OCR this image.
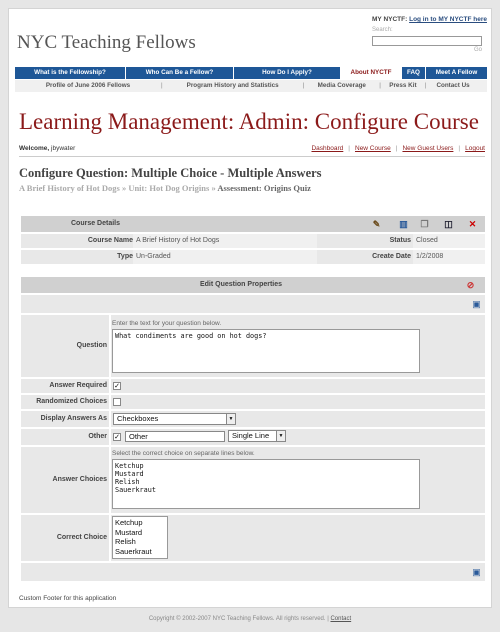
NYC Teaching Fellows
MY NYCTF: Log in to MY NYCTF here
Search:
Go
What is the Fellowship?	Who Can Be a Fellow?	How Do I Apply?	About NYCTF	FAQ	Meet A Fellow
Profile of June 2006 Fellows	|	Program History and Statistics	|	Media Coverage	|	Press Kit	|	Contact Us
Learning Management: Admin: Configure Course
Welcome, jbywater	Dashboard | New Course | New Guest Users | Logout
Configure Question: Multiple Choice - Multiple Answers
A Brief History of Hot Dogs » Unit: Hot Dog Origins » Assessment: Origins Quiz
Course Details	✎ ▥ ❐ ◫ ✕
Course Name A Brief History of Hot Dogs	Status Closed
Type Un-Graded	Create Date 1/2/2008
Edit Question Properties	⊘
▣
Question
Enter the text for your question below.
What condiments are good on hot dogs?
Answer Required ✓
Randomized Choices
Display Answers As	Checkboxes	▼
Other ✓	Other	Single Line	▼
Answer Choices
Select the correct choice on separate lines below.
Ketchup
Mustard
Relish
Sauerkraut
Correct Choice
Ketchup
Mustard
Relish
Sauerkraut
▣
Custom Footer for this application
Copyright © 2002-2007 NYC Teaching Fellows. All rights reserved. | Contact
